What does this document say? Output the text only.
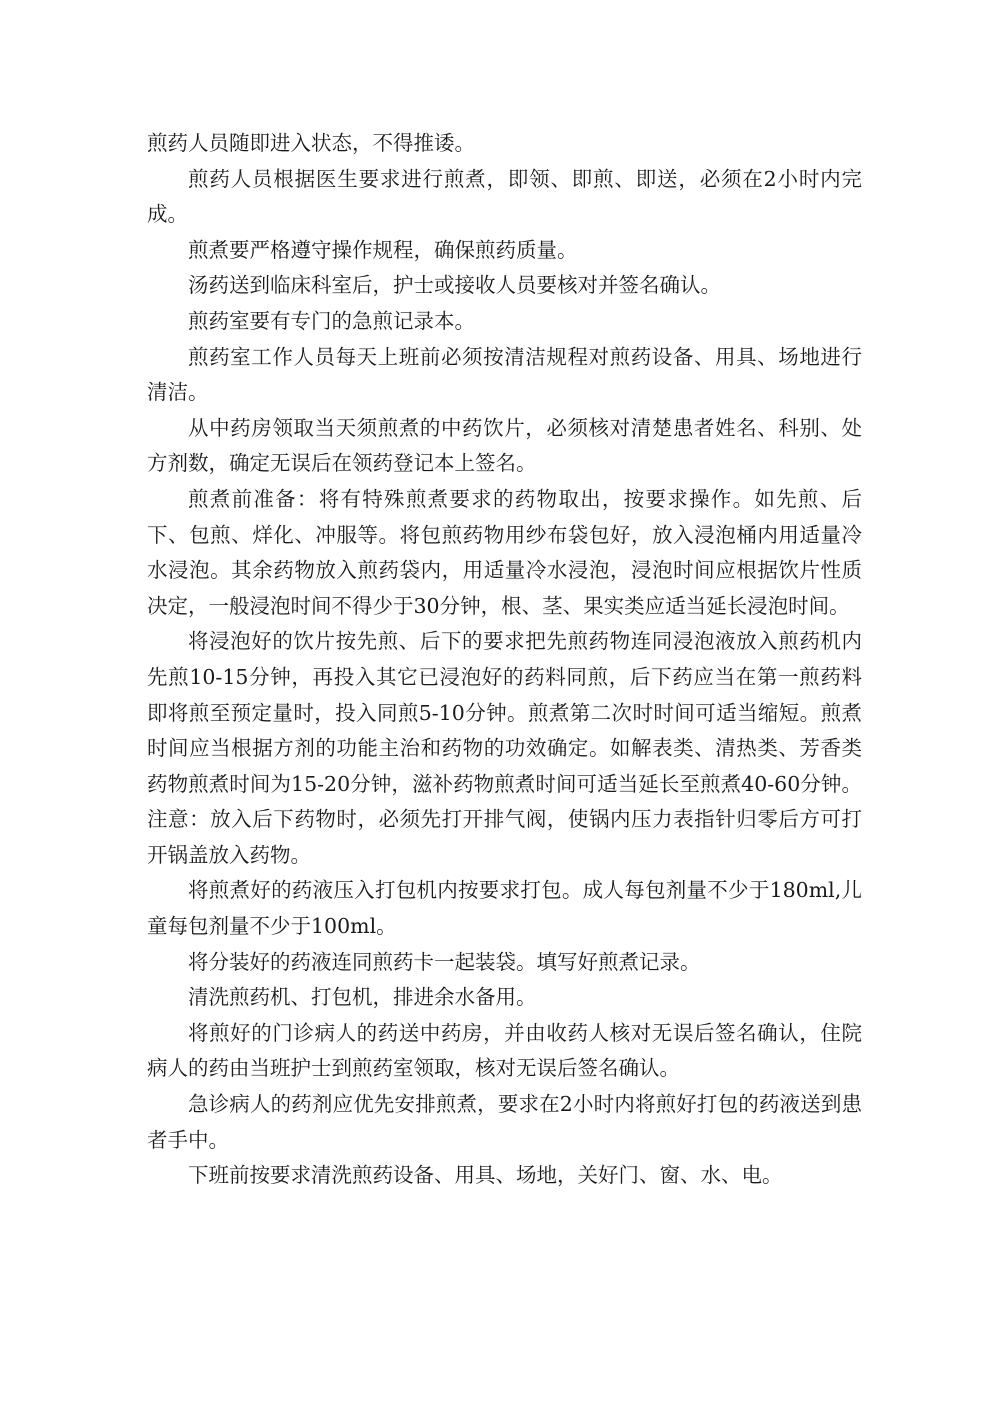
煎药人员随即进入状态，不得推诿。

煎药人员根据医生要求进行煎煮，即领、即煎、即送，必须在2小时内完成。

煎煮要严格遵守操作规程，确保煎药质量。

汤药送到临床科室后，护士或接收人员要核对并签名确认。

煎药室要有专门的急煎记录本。

煎药室工作人员每天上班前必须按清洁规程对煎药设备、用具、场地进行清洁。

从中药房领取当天须煎煮的中药饮片，必须核对清楚患者姓名、科别、处方剂数，确定无误后在领药登记本上签名。

煎煮前准备：将有特殊煎煮要求的药物取出，按要求操作。如先煎、后下、包煎、烊化、冲服等。将包煎药物用纱布袋包好，放入浸泡桶内用适量冷水浸泡。其余药物放入煎药袋内，用适量冷水浸泡，浸泡时间应根据饮片性质决定，一般浸泡时间不得少于30分钟，根、茎、果实类应适当延长浸泡时间。

将浸泡好的饮片按先煎、后下的要求把先煎药物连同浸泡液放入煎药机内先煎10-15分钟，再投入其它已浸泡好的药料同煎，后下药应当在第一煎药料即将煎至预定量时，投入同煎5-10分钟。煎煮第二次时时间可适当缩短。煎煮时间应当根据方剂的功能主治和药物的功效确定。如解表类、清热类、芳香类药物煎煮时间为15-20分钟，滋补药物煎煮时间可适当延长至煎煮40-60分钟。注意：放入后下药物时，必须先打开排气阀，使锅内压力表指针归零后方可打开锅盖放入药物。

将煎煮好的药液压入打包机内按要求打包。成人每包剂量不少于180ml,儿童每包剂量不少于100ml。

将分装好的药液连同煎药卡一起装袋。填写好煎煮记录。

清洗煎药机、打包机，排进余水备用。

将煎好的门诊病人的药送中药房，并由收药人核对无误后签名确认，住院病人的药由当班护士到煎药室领取，核对无误后签名确认。

急诊病人的药剂应优先安排煎煮，要求在2小时内将煎好打包的药液送到患者手中。

下班前按要求清洗煎药设备、用具、场地，关好门、窗、水、电。
